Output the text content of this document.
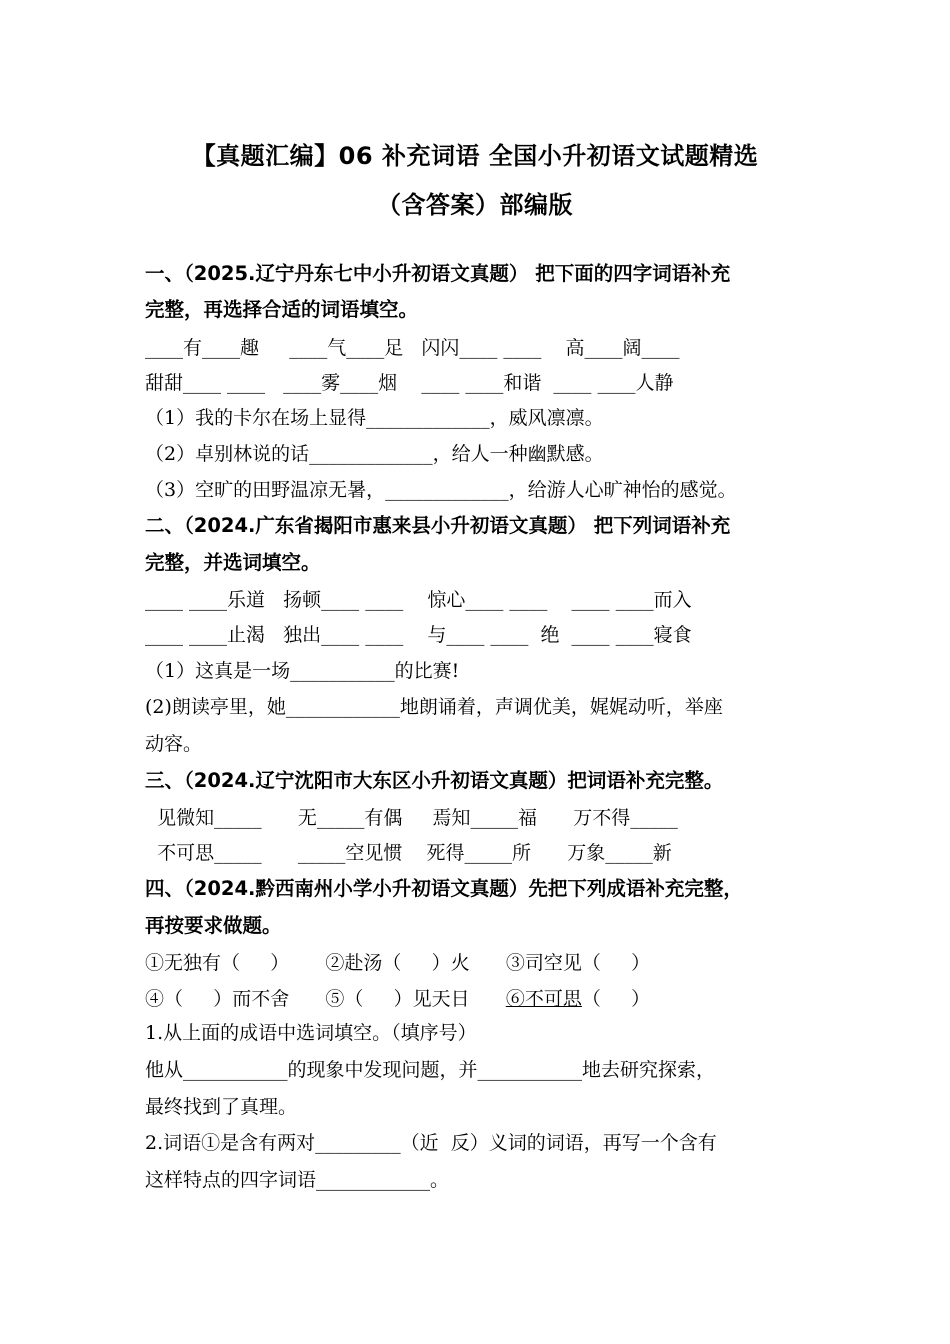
【真题汇编】06 补充词语 全国小升初语文试题精选
（含答案）部编版
一、（2025.辽宁丹东七中小升初语文真题） 把下面的四字词语补充
完整，再选择合适的词语填空。
____有____趣     ____气____足   闪闪____ ____    高____阔____
甜甜____ ____   ____雾____烟    ____ ____和谐  ____ ____人静
（1）我的卡尔在场上显得_____________，威风凛凛。
（2）卓别林说的话_____________，给人一种幽默感。
（3）空旷的田野温凉无暑，_____________，给游人心旷神怡的感觉。
二、（2024.广东省揭阳市惠来县小升初语文真题） 把下列词语补充
完整，并选词填空。
____ ____乐道   扬顿____ ____    惊心____ ____    ____ ____而入
____ ____止渴   独出____ ____    与____ ____  绝  ____ ____寝食
（1）这真是一场___________的比赛!
(2)朗读亭里，她____________地朗诵着，声调优美，娓娓动听，举座
动容。
三、（2024.辽宁沈阳市大东区小升初语文真题）把词语补充完整。
见微知_____      无_____有偶     焉知_____福      万不得_____
不可思_____      _____空见惯    死得_____所      万象_____新
四、（2024.黔西南州小学小升初语文真题）先把下列成语补充完整，
再按要求做题。
①无独有（     ）      ②赴汤（     ）火      ③司空见（     ）
④（     ）而不舍      ⑤（     ）见天日      ⑥不可思（     ）
1.从上面的成语中选词填空。（填序号）
他从___________的现象中发现问题，并___________地去研究探索，
最终找到了真理。
2.词语①是含有两对_________（近  反）义词的词语，再写一个含有
这样特点的四字词语____________。
